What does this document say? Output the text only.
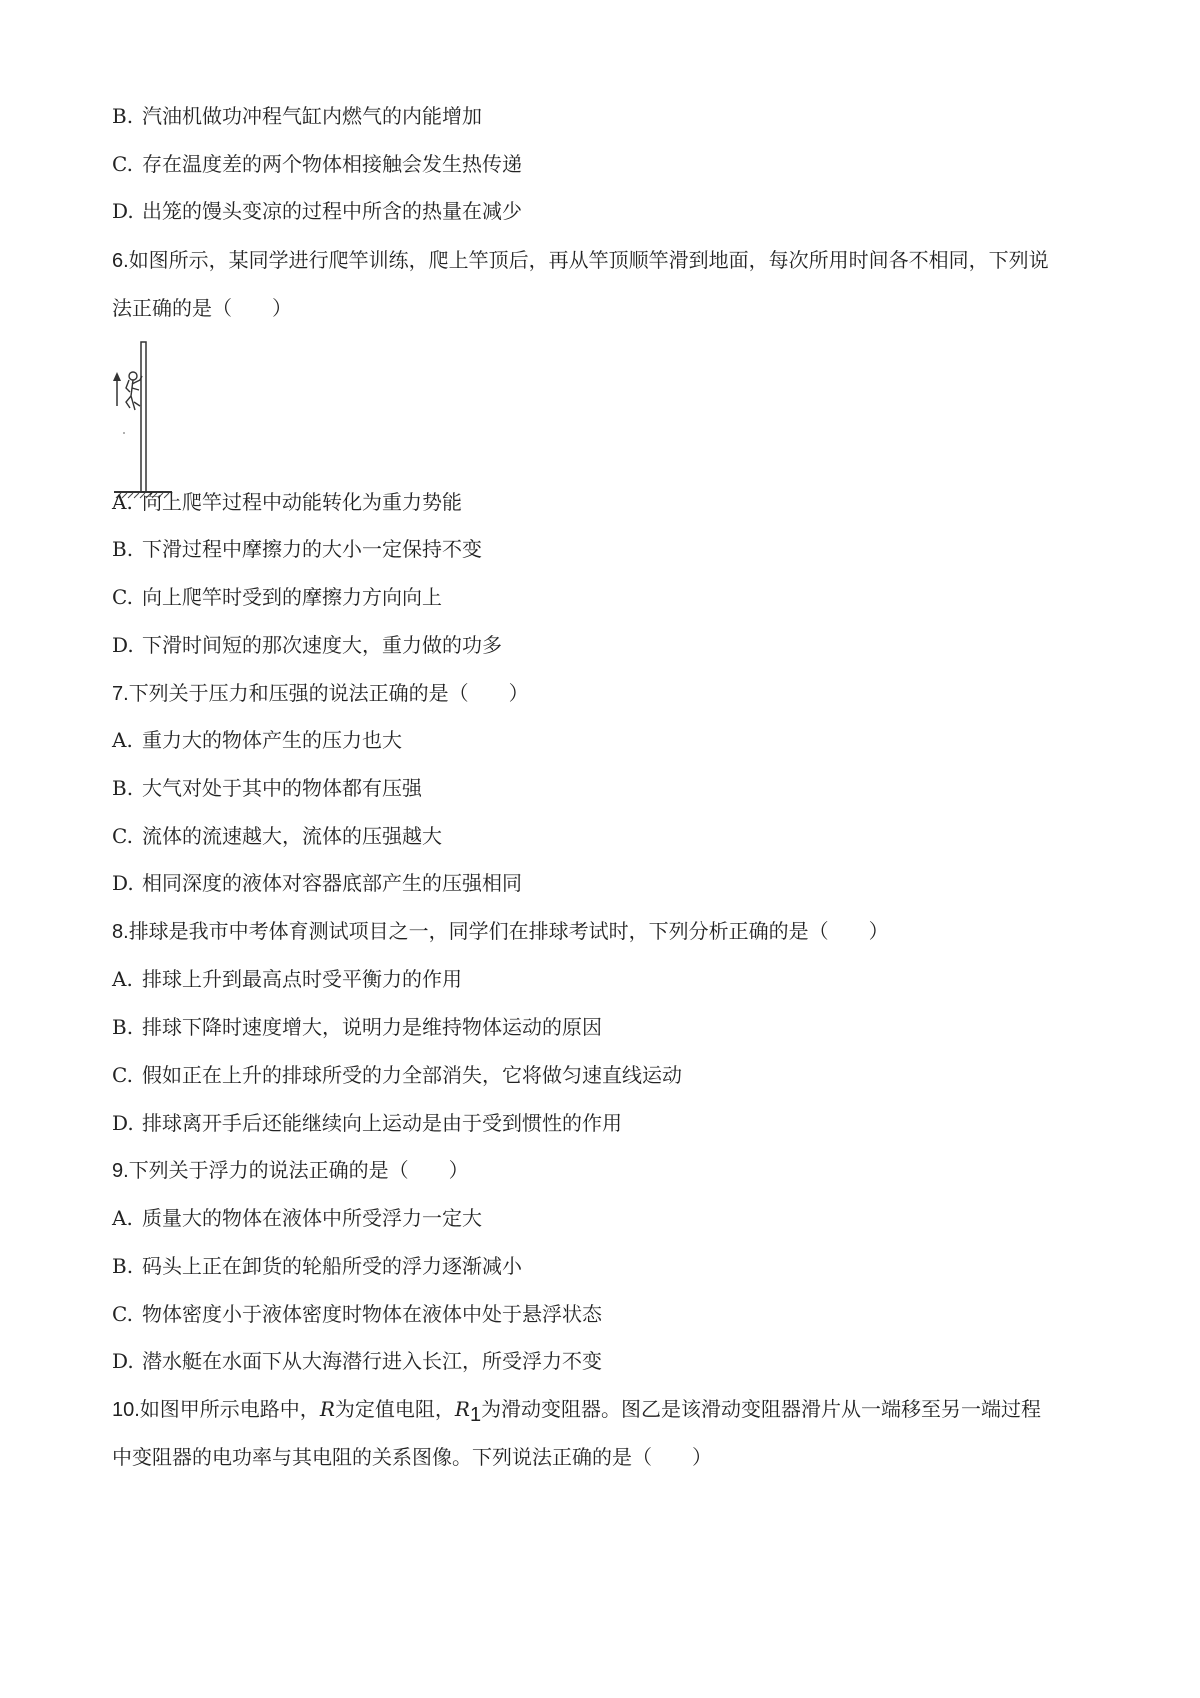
B. 汽油机做功冲程气缸内燃气的内能增加
C. 存在温度差的两个物体相接触会发生热传递
D. 出笼的馒头变凉的过程中所含的热量在减少
6.如图所示，某同学进行爬竿训练，爬上竿顶后，再从竿顶顺竿滑到地面，每次所用时间各不相同，下列说
法正确的是（　　）
A. 向上爬竿过程中动能转化为重力势能
B. 下滑过程中摩擦力的大小一定保持不变
C. 向上爬竿时受到的摩擦力方向向上
D. 下滑时间短的那次速度大，重力做的功多
7.下列关于压力和压强的说法正确的是（　　）
A. 重力大的物体产生的压力也大
B. 大气对处于其中的物体都有压强
C. 流体的流速越大，流体的压强越大
D. 相同深度的液体对容器底部产生的压强相同
8.排球是我市中考体育测试项目之一，同学们在排球考试时，下列分析正确的是（　　）
A. 排球上升到最高点时受平衡力的作用
B. 排球下降时速度增大，说明力是维持物体运动的原因
C. 假如正在上升的排球所受的力全部消失，它将做匀速直线运动
D. 排球离开手后还能继续向上运动是由于受到惯性的作用
9.下列关于浮力的说法正确的是（　　）
A. 质量大的物体在液体中所受浮力一定大
B. 码头上正在卸货的轮船所受的浮力逐渐减小
C. 物体密度小于液体密度时物体在液体中处于悬浮状态
D. 潜水艇在水面下从大海潜行进入长江，所受浮力不变
10.如图甲所示电路中，R为定值电阻，$R_1$为滑动变阻器。图乙是该滑动变阻器滑片从一端移至另一端过程
中变阻器的电功率与其电阻的关系图像。下列说法正确的是（　　）
